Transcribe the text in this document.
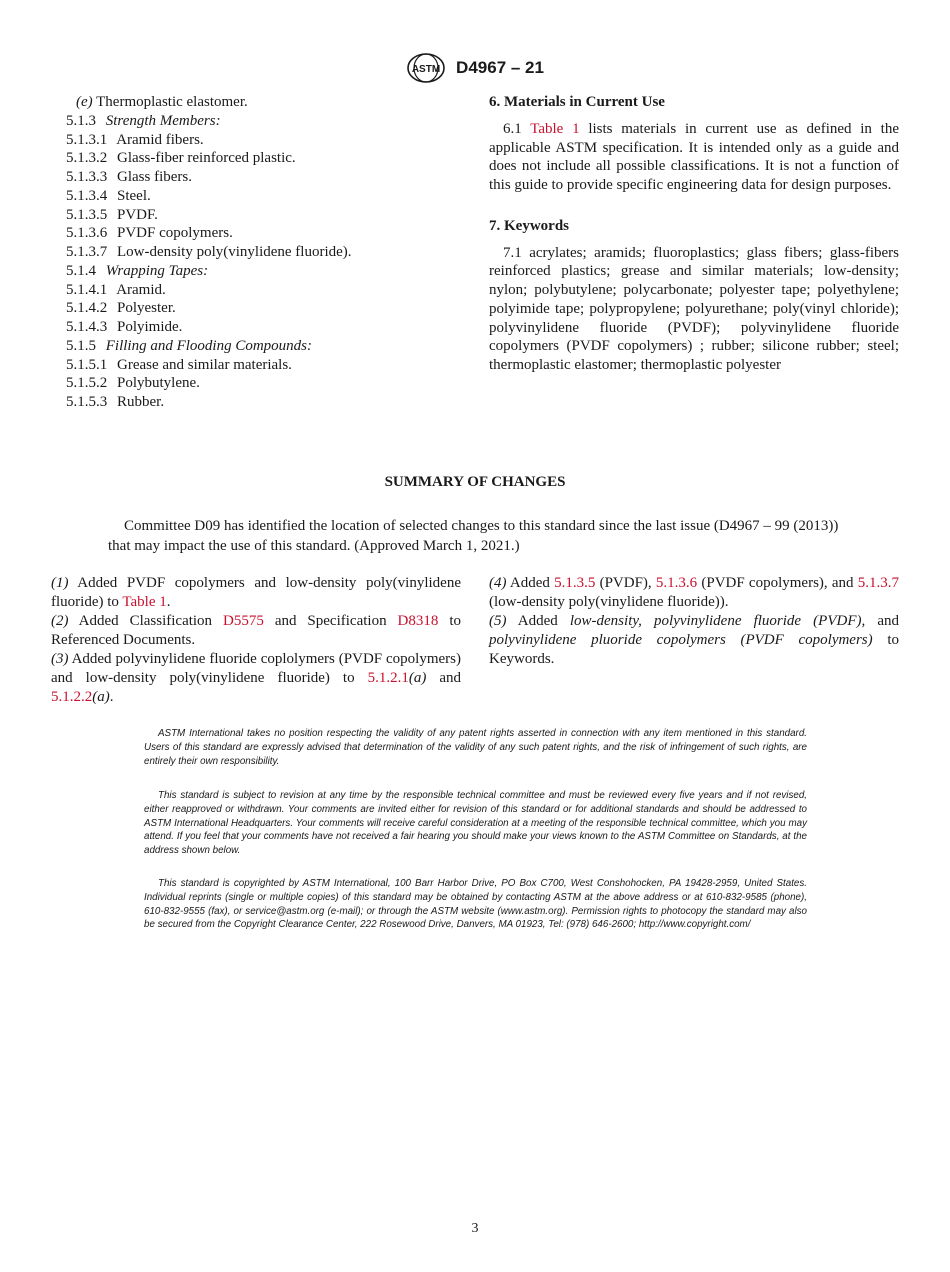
ASTM D4967 – 21
(e) Thermoplastic elastomer.
5.1.3 Strength Members:
5.1.3.1 Aramid fibers.
5.1.3.2 Glass-fiber reinforced plastic.
5.1.3.3 Glass fibers.
5.1.3.4 Steel.
5.1.3.5 PVDF.
5.1.3.6 PVDF copolymers.
5.1.3.7 Low-density poly(vinylidene fluoride).
5.1.4 Wrapping Tapes:
5.1.4.1 Aramid.
5.1.4.2 Polyester.
5.1.4.3 Polyimide.
5.1.5 Filling and Flooding Compounds:
5.1.5.1 Grease and similar materials.
5.1.5.2 Polybutylene.
5.1.5.3 Rubber.
6. Materials in Current Use
6.1 Table 1 lists materials in current use as defined in the applicable ASTM specification. It is intended only as a guide and does not include all possible classifications. It is not a function of this guide to provide specific engineering data for design purposes.
7. Keywords
7.1 acrylates; aramids; fluoroplastics; glass fibers; glass-fibers reinforced plastics; grease and similar materials; low-density; nylon; polybutylene; polycarbonate; polyester tape; polyethylene; polyimide tape; polypropylene; polyurethane; poly(vinyl chloride); polyvinylidene fluoride (PVDF); polyvinylidene fluoride copolymers (PVDF copolymers) ; rubber; silicone rubber; steel; thermoplastic elastomer; thermoplastic polyester
SUMMARY OF CHANGES
Committee D09 has identified the location of selected changes to this standard since the last issue (D4967 – 99 (2013)) that may impact the use of this standard. (Approved March 1, 2021.)
(1) Added PVDF copolymers and low-density poly(vinylidene fluoride) to Table 1.
(2) Added Classification D5575 and Specification D8318 to Referenced Documents.
(3) Added polyvinylidene fluoride coplolymers (PVDF copolymers) and low-density poly(vinylidene fluoride) to 5.1.2.1(a) and 5.1.2.2(a).
(4) Added 5.1.3.5 (PVDF), 5.1.3.6 (PVDF copolymers), and 5.1.3.7 (low-density poly(vinylidene fluoride)).
(5) Added low-density, polyvinylidene fluoride (PVDF), and polyvinylidene pluoride copolymers (PVDF copolymers) to Keywords.
ASTM International takes no position respecting the validity of any patent rights asserted in connection with any item mentioned in this standard. Users of this standard are expressly advised that determination of the validity of any such patent rights, and the risk of infringement of such rights, are entirely their own responsibility.
This standard is subject to revision at any time by the responsible technical committee and must be reviewed every five years and if not revised, either reapproved or withdrawn. Your comments are invited either for revision of this standard or for additional standards and should be addressed to ASTM International Headquarters. Your comments will receive careful consideration at a meeting of the responsible technical committee, which you may attend. If you feel that your comments have not received a fair hearing you should make your views known to the ASTM Committee on Standards, at the address shown below.
This standard is copyrighted by ASTM International, 100 Barr Harbor Drive, PO Box C700, West Conshohocken, PA 19428-2959, United States. Individual reprints (single or multiple copies) of this standard may be obtained by contacting ASTM at the above address or at 610-832-9585 (phone), 610-832-9555 (fax), or service@astm.org (e-mail); or through the ASTM website (www.astm.org). Permission rights to photocopy the standard may also be secured from the Copyright Clearance Center, 222 Rosewood Drive, Danvers, MA 01923, Tel: (978) 646-2600; http://www.copyright.com/
3
